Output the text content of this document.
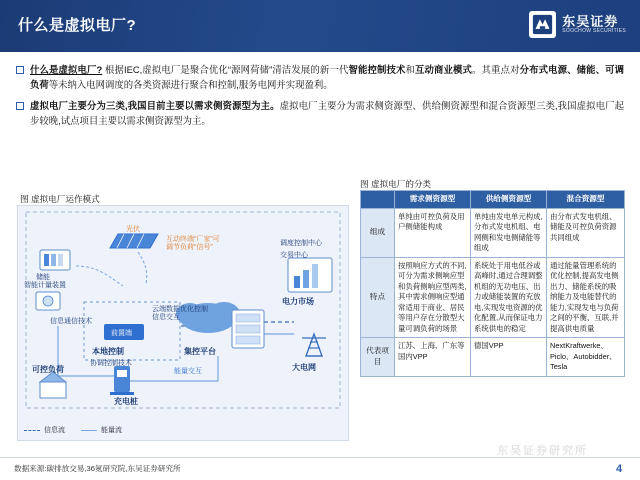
什么是虚拟电厂?	东吴证券
SOOCHOW SECURITIES
什么是虚拟电厂? 根据IEC,虚拟电厂是聚合优化“源网荷储”清洁发展的新一代智能控制技术和互动商业模式。其重点对分布式电源、储能、可调负荷等未纳入电网调度的各类资源进行聚合和控制,服务电网并实现盈利。
虚拟电厂主要分为三类,我国目前主要以需求侧资源型为主。虚拟电厂主要分为需求侧资源型、供给侧资源型和混合资源型三类,我国虚拟电厂起步较晚,试点项目主要以需求侧资源型为主。
图 虚拟电厂运作模式
储能
光伏
智能计量装置
互动终端“厂家”可调节负荷“信号”
信息通信技术
前置端
本地控制
协调控制技术
集控平台
能量交互
电力市场
大电网
调度控制中心
交易中心
云端数据优化控制信息交互
充电桩
可控负荷
信息流	能量流
图 虚拟电厂的分类
	需求侧资源型	供给侧资源型	混合资源型
组成	单纯由可控负荷及用户侧储能构成	单纯由发电单元构成,分布式发电机组、电网侧和发电侧储能等组成	由分布式发电机组、储能及可控负荷资源共同组成
特点	按照响应方式的不同,可分为需求侧响应型和负荷侧响应型两类,其中需求侧响应型通常适用于商业、居民等用户存在分散型大量可调负荷的场景	系统处于用电低谷或高峰时,通过合理调整机组的无功电压、出力或储能装置的充放电,实现发电资源的优化配置,从而保证电力系统供电的稳定	通过能量管理系统的优化控制,提高发电侧出力、储能系统的吸纳能力及电能替代的能力,实现发电与负荷之间的平衡、互联,并提高供电质量
代表项目	江苏、上海、广东等国内VPP	德国VPP	NextKraftwerke、Piclo、Autobidder、Tesla
东吴证券研究所
数据来源:碳排放交易,36氪研究院,东吴证券研究所	4
